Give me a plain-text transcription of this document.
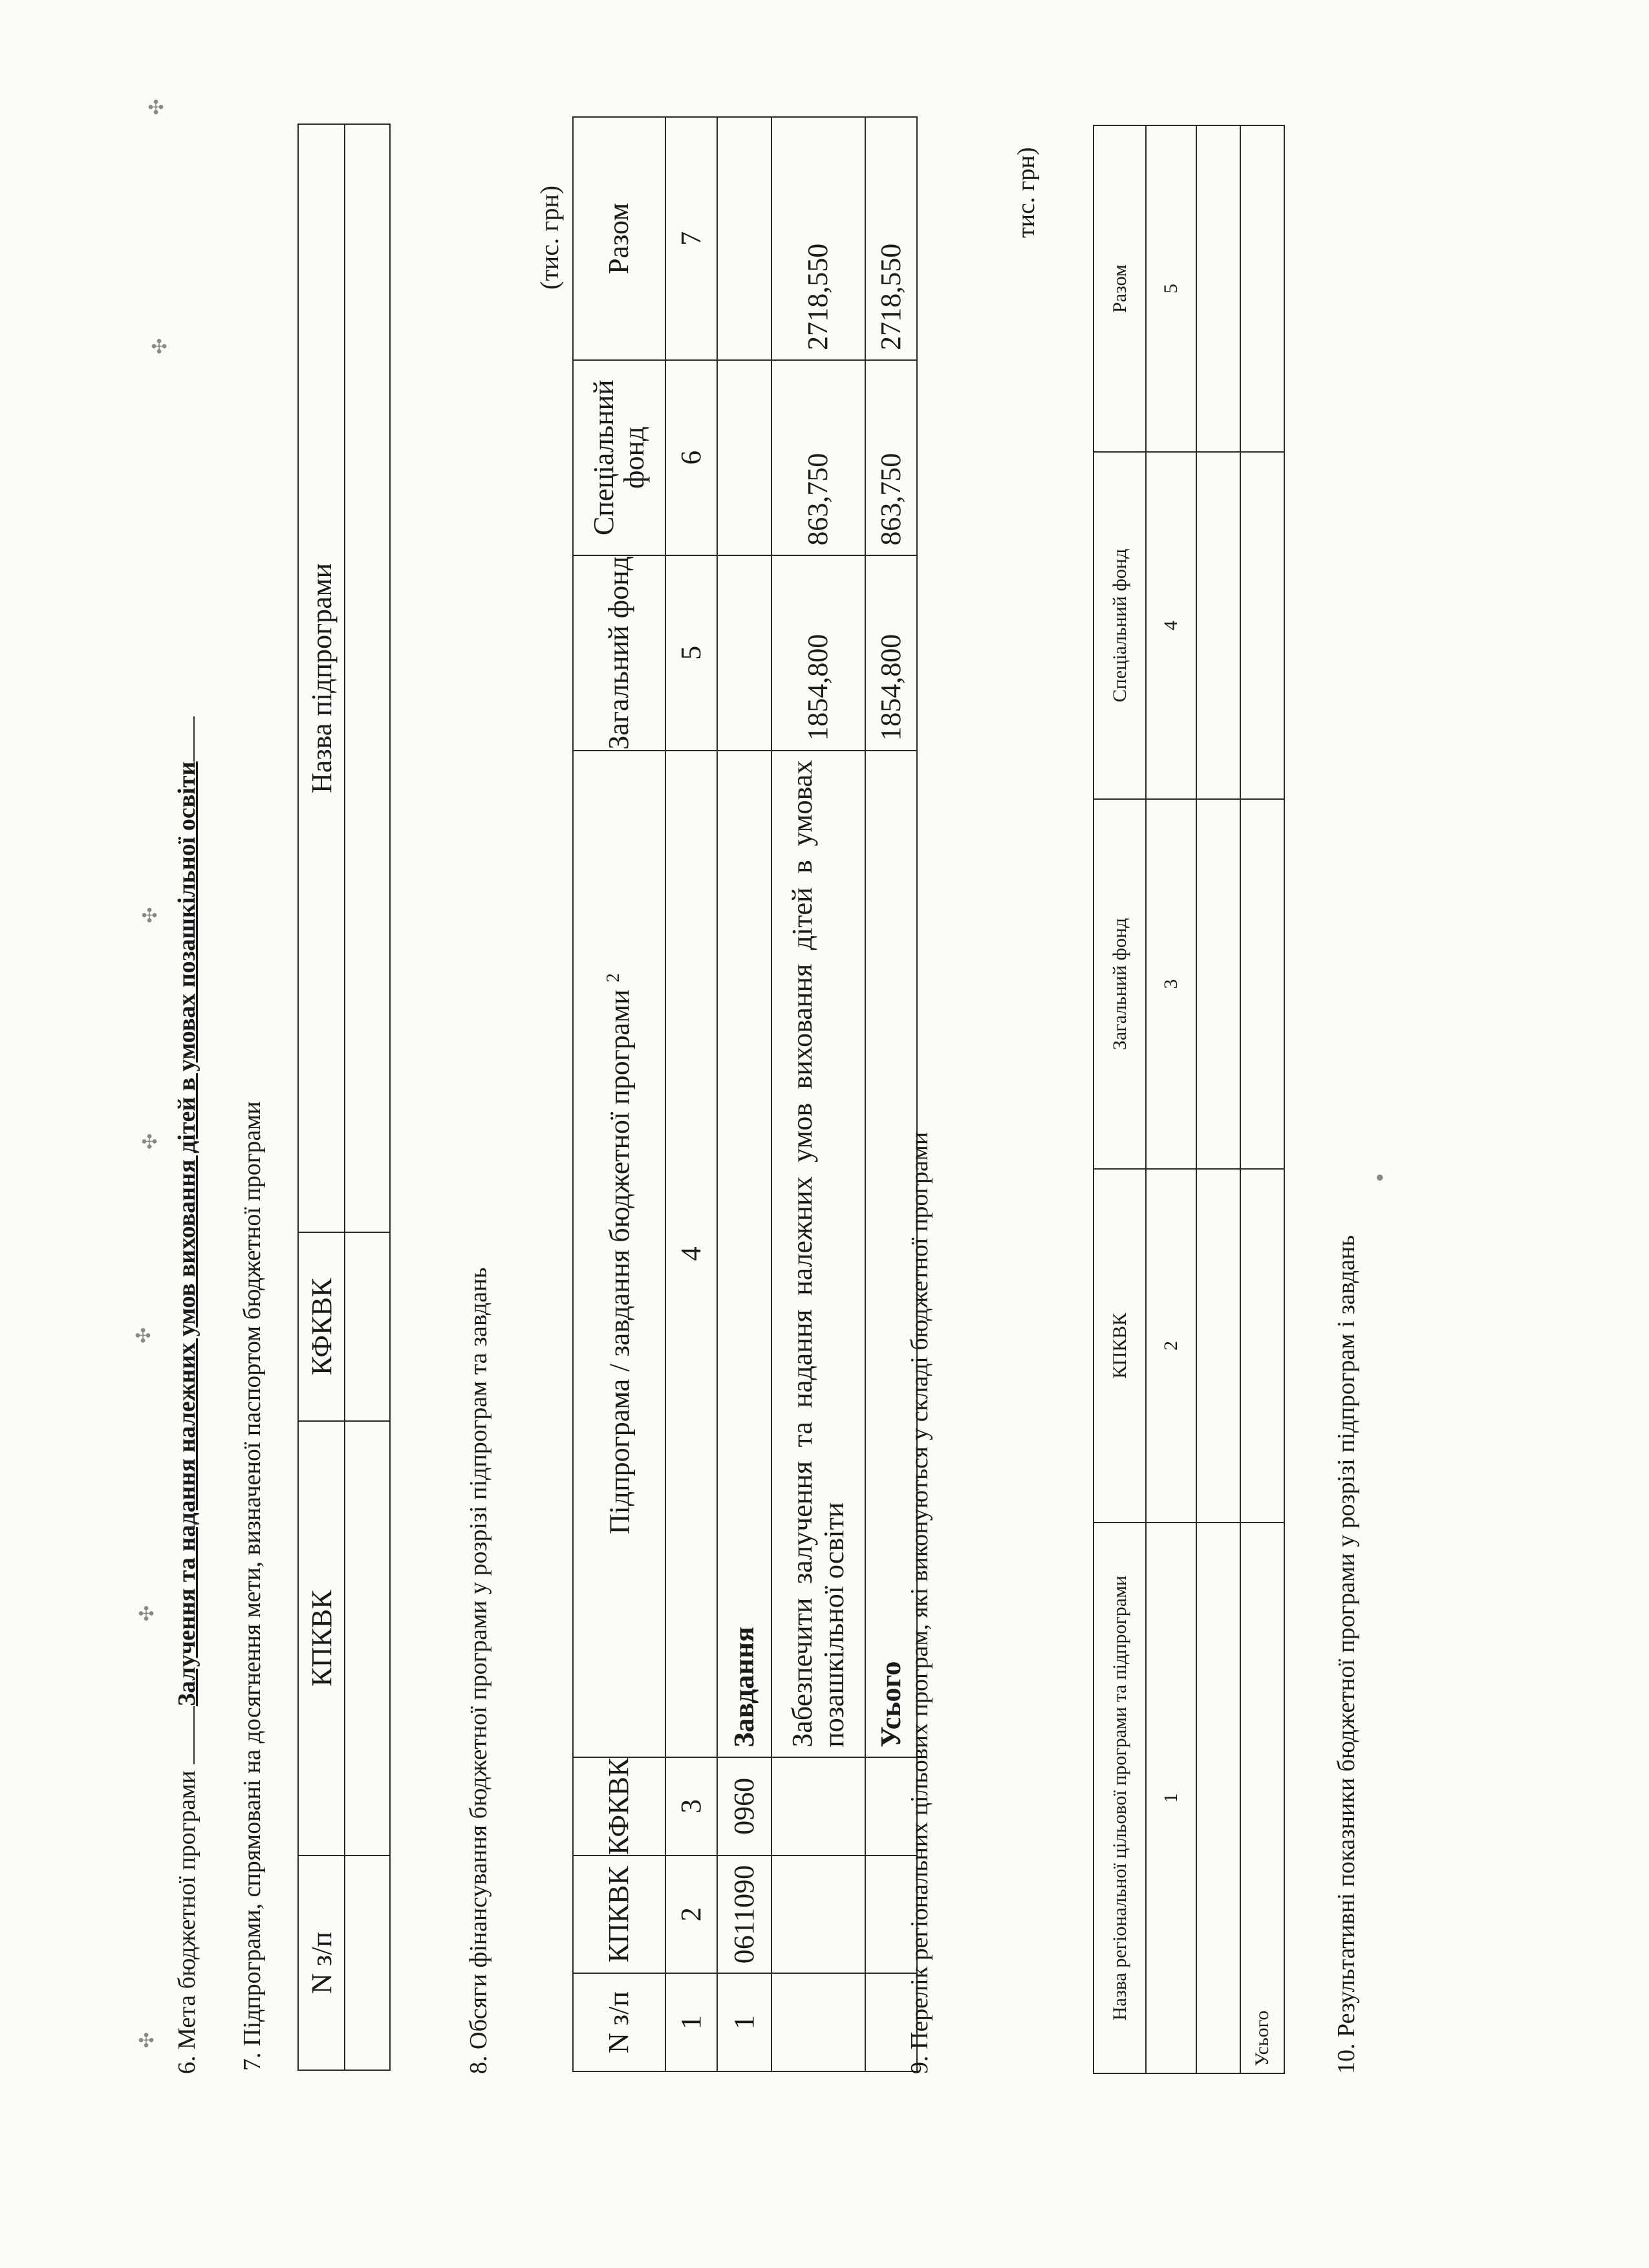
6. Мета бюджетної програми Залучення та надання належних умов виховання дітей в умовах позашкільної освіти 7. Підпрограми, спрямовані на досягнення мети, визначеної паспортом бюджетної програми N з/п	КПКВК	КФКВК	Назва підпрограми

8. Обсяги фінансування бюджетної програми у розрізі підпрограм та завдань
(тис. грн)
N з/п	КПКВК	КФКВК	Підпрограма / завдання бюджетної програми $^2$	Загальний фонд	Спеціальний фонд	Разом
1	2	3	4	5	6	7
1	0611090	0960	Завдання			
			Забезпечити залучення та надання належних умов виховання дітей в умовах позашкільної освіти	1854,800	863,750	2718,550
			Усього	1854,800	863,750	2718,550
9. Перелік регіональних цільових програм, які виконуються у складі бюджетної програми
тис. грн)
Назва регіональної цільової програми та підпрограми	КПКВК	Загальний фонд	Спеціальний фонд	Разом
1	2	3	4	5

Усього				10. Результативні показники бюджетної програми у розрізі підпрограм і завдань
✣
✣
✣
✣
✣
✣
✣
●
